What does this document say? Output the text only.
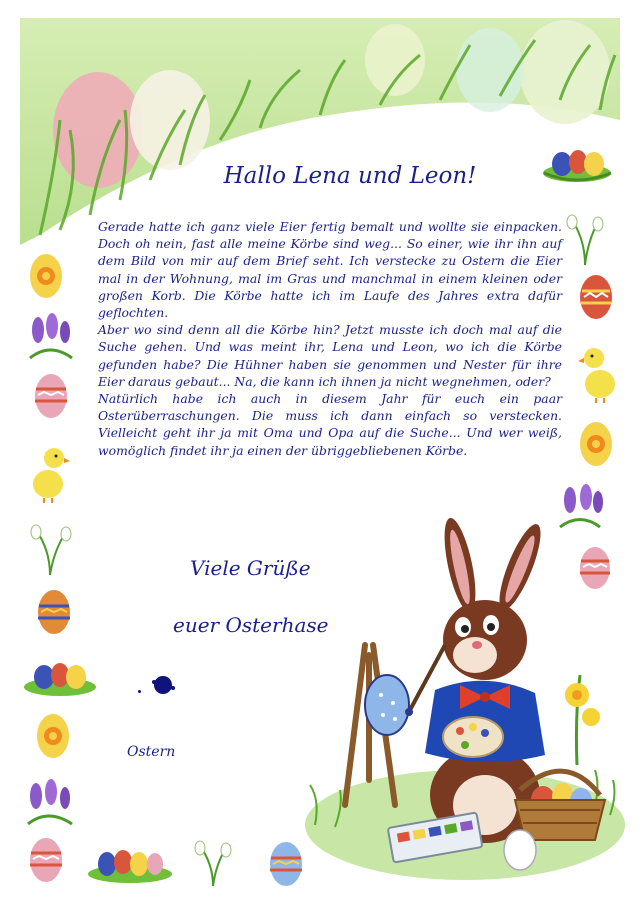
Hallo Lena und Leon!

Gerade hatte ich ganz viele Eier fertig bemalt und wollte sie einpacken. Doch oh nein, fast alle meine Körbe sind weg... So einer, wie ihr ihn auf dem Bild von mir auf dem Brief seht. Ich verstecke zu Ostern die Eier mal in der Wohnung, mal im Gras und manchmal in einem kleinen oder großen Korb. Die Körbe hatte ich im Laufe des Jahres extra dafür geflochten.

Aber wo sind denn all die Körbe hin? Jetzt musste ich doch mal auf die Suche gehen. Und was meint ihr, Lena und Leon, wo ich die Körbe gefunden habe? Die Hühner haben sie genommen und Nester für ihre Eier daraus gebaut... Na, die kann ich ihnen ja nicht wegnehmen, oder?

Natürlich habe ich auch in diesem Jahr für euch ein paar Osterüberraschungen. Die muss ich dann einfach so verstecken. Vielleicht geht ihr ja mit Oma und Opa auf die Suche... Und wer weiß, womöglich findet ihr ja einen der übriggebliebenen Körbe.

Viele Grüße
euer Osterhase
Ostern
